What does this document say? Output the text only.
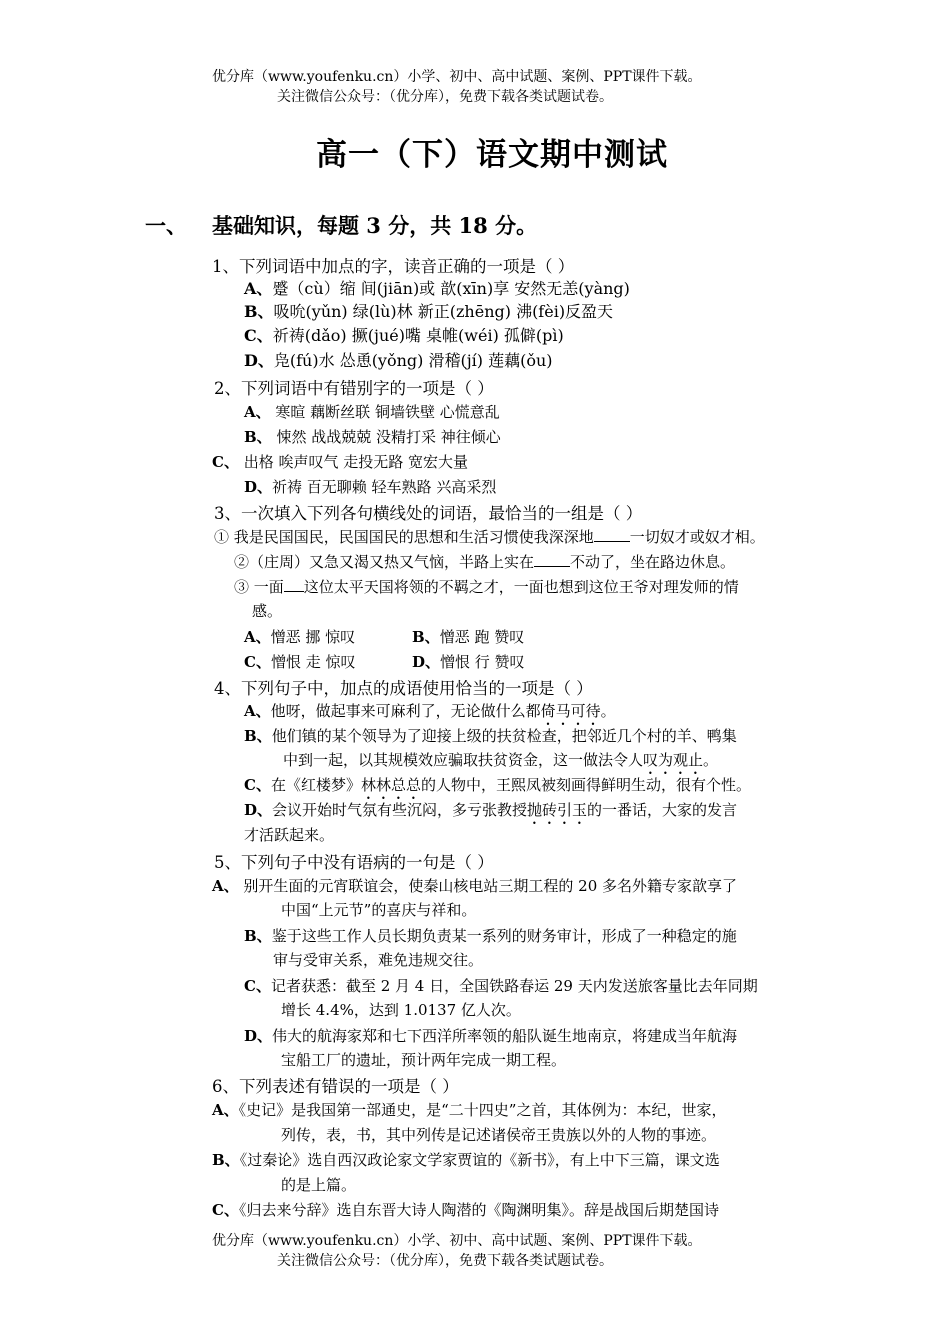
优分库（www.youfenku.cn）小学、初中、高中试题、案例、PPT课件下载。
关注微信公众号：（优分库），免费下载各类试题试卷。
高一（下）语文期中测试
一、 基础知识，每题 3 分，共 18 分。
1、下列词语中加点的字，读音正确的一项是（ ）
A、蹙（cù）缩 间(jiān)或 歆(xīn)享 安然无恙(yàng)
B、吸吮(yǔn) 绿(lù)林 新正(zhēng) 沸(fèi)反盈天
C、祈祷(dǎo) 撅(jué)嘴 桌帷(wéi) 孤僻(pì)
D、凫(fú)水 怂恿(yǒng) 滑稽(jí) 莲藕(ǒu)
2、下列词语中有错别字的一项是（ ）
A、 寒暄 藕断丝联 铜墙铁壁 心慌意乱
B、 悚然 战战兢兢 没精打采 神往倾心
C、 出格 唉声叹气 走投无路 宽宏大量
D、祈祷 百无聊赖 轻车熟路 兴高采烈
3、一次填入下列各句横线处的词语，最恰当的一组是（ ）
① 我是民国国民，民国国民的思想和生活习惯使我深深地 一切奴才或奴才相。
②（庄周）又急又渴又热又气恼，半路上实在 不动了，坐在路边休息。
③ 一面 这位太平天国将领的不羁之才，一面也想到这位王爷对理发师的情
感。
A、憎恶 挪 惊叹	B、憎恶 跑 赞叹
C、憎恨 走 惊叹	D、憎恨 行 赞叹
4、下列句子中，加点的成语使用恰当的一项是（ ）
A、他呀，做起事来可麻利了，无论做什么都倚马可待。
B、他们镇的某个领导为了迎接上级的扶贫检查，把邻近几个村的羊、鸭集
中到一起，以其规模效应骗取扶贫资金，这一做法令人叹为观止。
C、在《红楼梦》林林总总的人物中，王熙凤被刻画得鲜明生动，很有个性。
D、会议开始时气氛有些沉闷，多亏张教授抛砖引玉的一番话，大家的发言
才活跃起来。
5、下列句子中没有语病的一句是（ ）
A、 别开生面的元宵联谊会，使秦山核电站三期工程的 20 多名外籍专家歆享了
中国“上元节”的喜庆与祥和。
B、鉴于这些工作人员长期负责某一系列的财务审计，形成了一种稳定的施
审与受审关系，难免违规交往。
C、记者获悉：截至 2 月 4 日，全国铁路春运 29 天内发送旅客量比去年同期
增长 4.4%，达到 1.0137 亿人次。
D、伟大的航海家郑和七下西洋所率领的船队诞生地南京，将建成当年航海
宝船工厂的遗址，预计两年完成一期工程。
6、下列表述有错误的一项是（ ）
A、《史记》是我国第一部通史，是“二十四史”之首，其体例为：本纪，世家，
列传，表，书，其中列传是记述诸侯帝王贵族以外的人物的事迹。
B、《过秦论》选自西汉政论家文学家贾谊的《新书》，有上中下三篇，课文选
的是上篇。
C、《归去来兮辞》选自东晋大诗人陶潜的《陶渊明集》。辞是战国后期楚国诗
优分库（www.youfenku.cn）小学、初中、高中试题、案例、PPT课件下载。
关注微信公众号：（优分库），免费下载各类试题试卷。
